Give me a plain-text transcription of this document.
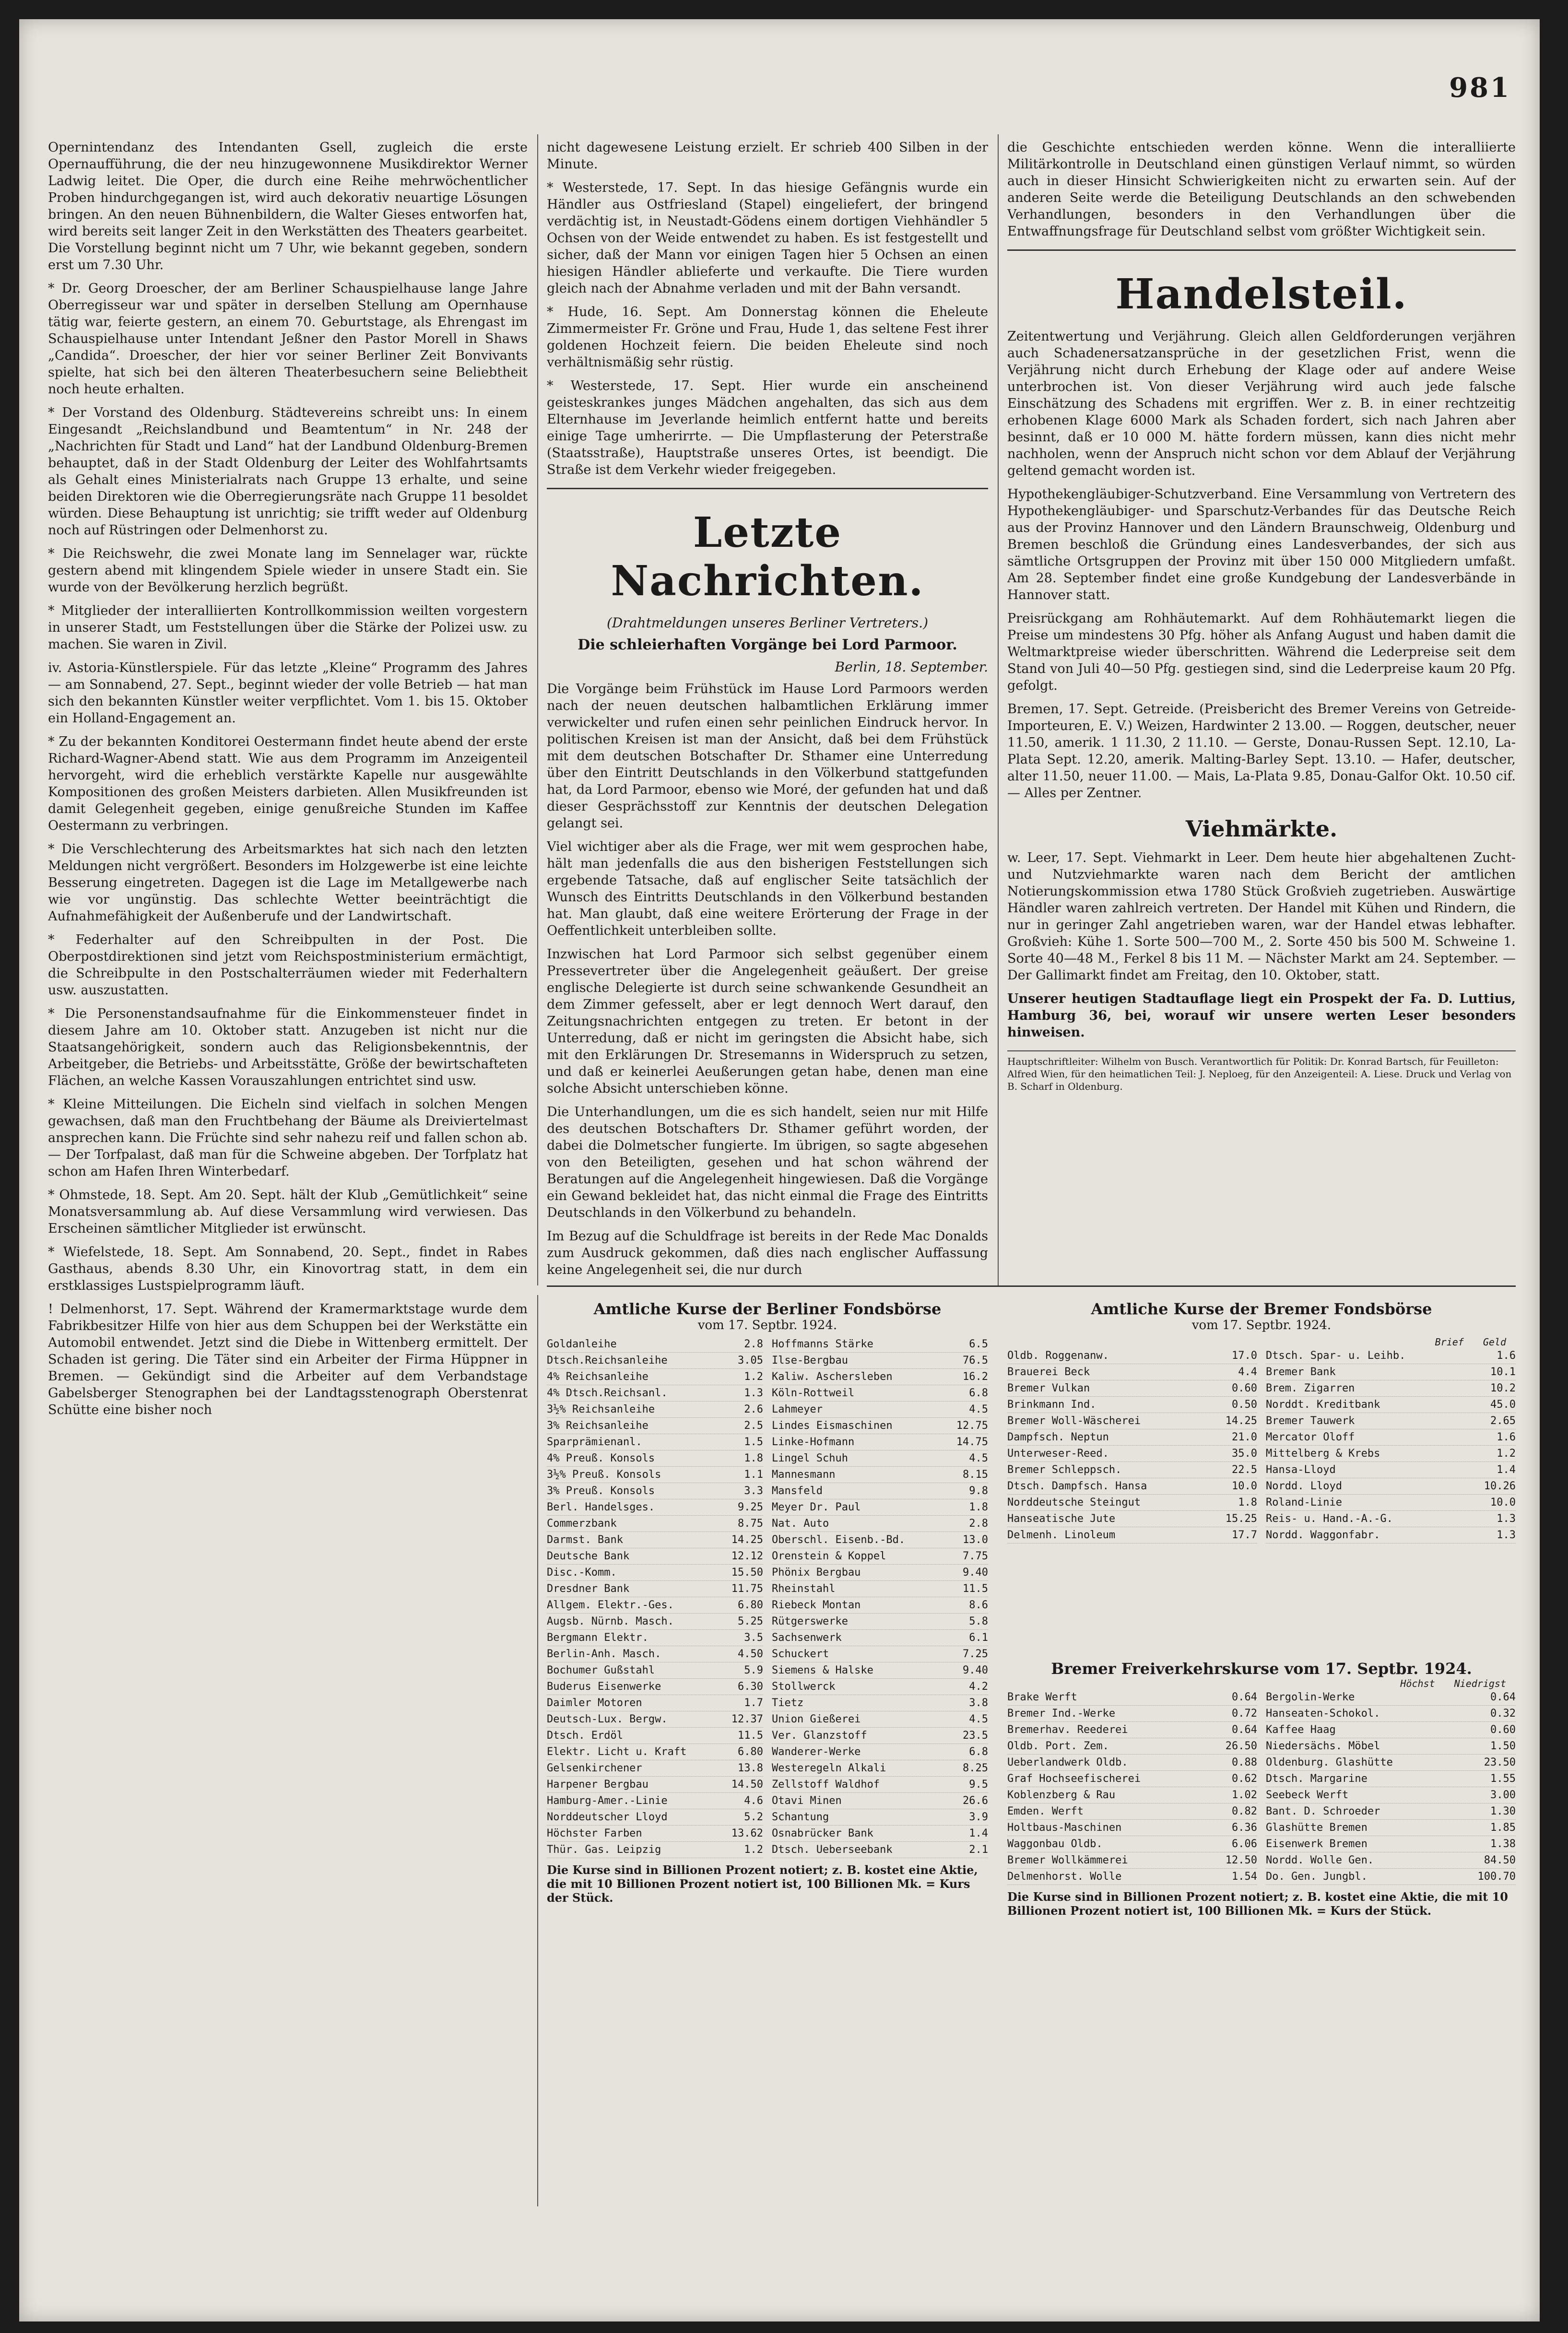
981

Opernintendanz des Intendanten Gsell, zugleich die erste Opernaufführung, die der neu hinzugewonnene Musikdirektor Werner Ladwig leitet. Die Oper, die durch eine Reihe mehrwöchentlicher Proben hindurchgegangen ist, wird auch dekorativ neuartige Lösungen bringen. An den neuen Bühnenbildern, die Walter Gieses entworfen hat, wird bereits seit langer Zeit in den Werkstätten des Theaters gearbeitet. Die Vorstellung beginnt nicht um 7 Uhr, wie bekannt gegeben, sondern erst um 7.30 Uhr.

* Dr. Georg Droescher, der am Berliner Schauspielhause lange Jahre Oberregisseur war und später in derselben Stellung am Opernhause tätig war, feierte gestern, an einem 70. Geburtstage, als Ehrengast im Schauspielhause unter Intendant Jeßner den Pastor Morell in Shaws „Candida“. Droescher, der hier vor seiner Berliner Zeit Bonvivants spielte, hat sich bei den älteren Theaterbesuchern seine Beliebtheit noch heute erhalten.

* Der Vorstand des Oldenburg. Städtevereins schreibt uns: In einem Eingesandt „Reichslandbund und Beamtentum“ in Nr. 248 der „Nachrichten für Stadt und Land“ hat der Landbund Oldenburg-Bremen behauptet, daß in der Stadt Oldenburg der Leiter des Wohlfahrtsamts als Gehalt eines Ministerialrats nach Gruppe 13 erhalte, und seine beiden Direktoren wie die Oberregierungsräte nach Gruppe 11 besoldet würden. Diese Behauptung ist unrichtig; sie trifft weder auf Oldenburg noch auf Rüstringen oder Delmenhorst zu.

* Die Reichswehr, die zwei Monate lang im Sennelager war, rückte gestern abend mit klingendem Spiele wieder in unsere Stadt ein. Sie wurde von der Bevölkerung herzlich begrüßt.

* Mitglieder der interalliierten Kontrollkommission weilten vorgestern in unserer Stadt, um Feststellungen über die Stärke der Polizei usw. zu machen. Sie waren in Zivil.

iv. Astoria-Künstlerspiele. Für das letzte „Kleine“ Programm des Jahres — am Sonnabend, 27. Sept., beginnt wieder der volle Betrieb — hat man sich den bekannten Künstler weiter verpflichtet. Vom 1. bis 15. Oktober ein Holland-Engagement an.

* Zu der bekannten Konditorei Oestermann findet heute abend der erste Richard-Wagner-Abend statt. Wie aus dem Programm im Anzeigenteil hervorgeht, wird die erheblich verstärkte Kapelle nur ausgewählte Kompositionen des großen Meisters darbieten. Allen Musikfreunden ist damit Gelegenheit gegeben, einige genußreiche Stunden im Kaffee Oestermann zu verbringen.

* Die Verschlechterung des Arbeitsmarktes hat sich nach den letzten Meldungen nicht vergrößert. Besonders im Holzgewerbe ist eine leichte Besserung eingetreten. Dagegen ist die Lage im Metallgewerbe nach wie vor ungünstig. Das schlechte Wetter beeinträchtigt die Aufnahmefähigkeit der Außenberufe und der Landwirtschaft.

* Federhalter auf den Schreibpulten in der Post. Die Oberpostdirektionen sind jetzt vom Reichspostministerium ermächtigt, die Schreibpulte in den Postschalterräumen wieder mit Federhaltern usw. auszustatten.

* Die Personenstandsaufnahme für die Einkommensteuer findet in diesem Jahre am 10. Oktober statt. Anzugeben ist nicht nur die Staatsangehörigkeit, sondern auch das Religionsbekenntnis, der Arbeitgeber, die Betriebs- und Arbeitsstätte, Größe der bewirtschafteten Flächen, an welche Kassen Vorauszahlungen entrichtet sind usw.

* Kleine Mitteilungen. Die Eicheln sind vielfach in solchen Mengen gewachsen, daß man den Fruchtbehang der Bäume als Dreiviertelmast ansprechen kann. Die Früchte sind sehr nahezu reif und fallen schon ab. — Der Torfpalast, daß man für die Schweine abgeben. Der Torfplatz hat schon am Hafen Ihren Winterbedarf.

* Ohmstede, 18. Sept. Am 20. Sept. hält der Klub „Gemütlichkeit“ seine Monatsversammlung ab. Auf diese Versammlung wird verwiesen. Das Erscheinen sämtlicher Mitglieder ist erwünscht.

* Wiefelstede, 18. Sept. Am Sonnabend, 20. Sept., findet in Rabes Gasthaus, abends 8.30 Uhr, ein Kinovortrag statt, in dem ein erstklassiges Lustspielprogramm läuft.

! Delmenhorst, 17. Sept. Während der Kramermarktstage wurde dem Fabrikbesitzer Hilfe von hier aus dem Schuppen bei der Werkstätte ein Automobil entwendet. Jetzt sind die Diebe in Wittenberg ermittelt. Der Schaden ist gering. Die Täter sind ein Arbeiter der Firma Hüppner in Bremen. — Gekündigt sind die Arbeiter auf dem Verbandstage Gabelsberger Stenographen bei der Landtagsstenograph Oberstenrat Schütte eine bisher noch

nicht dagewesene Leistung erzielt. Er schrieb 400 Silben in der Minute.

* Westerstede, 17. Sept. In das hiesige Gefängnis wurde ein Händler aus Ostfriesland (Stapel) eingeliefert, der bringend verdächtig ist, in Neustadt-Gödens einem dortigen Viehhändler 5 Ochsen von der Weide entwendet zu haben. Es ist festgestellt und sicher, daß der Mann vor einigen Tagen hier 5 Ochsen an einen hiesigen Händler ablieferte und verkaufte. Die Tiere wurden gleich nach der Abnahme verladen und mit der Bahn versandt.

* Hude, 16. Sept. Am Donnerstag können die Eheleute Zimmermeister Fr. Gröne und Frau, Hude 1, das seltene Fest ihrer goldenen Hochzeit feiern. Die beiden Eheleute sind noch verhältnismäßig sehr rüstig.

* Westerstede, 17. Sept. Hier wurde ein anscheinend geisteskrankes junges Mädchen angehalten, das sich aus dem Elternhause im Jeverlande heimlich entfernt hatte und bereits einige Tage umherirrte. — Die Umpflasterung der Peterstraße (Staatsstraße), Hauptstraße unseres Ortes, ist beendigt. Die Straße ist dem Verkehr wieder freigegeben.

Letzte Nachrichten.
(Drahtmeldungen unseres Berliner Vertreters.)
Die schleierhaften Vorgänge bei Lord Parmoor.
Berlin, 18. September.

Die Vorgänge beim Frühstück im Hause Lord Parmoors werden nach der neuen deutschen halbamtlichen Erklärung immer verwickelter und rufen einen sehr peinlichen Eindruck hervor. In politischen Kreisen ist man der Ansicht, daß bei dem Frühstück mit dem deutschen Botschafter Dr. Sthamer eine Unterredung über den Eintritt Deutschlands in den Völkerbund stattgefunden hat, da Lord Parmoor, ebenso wie Moré, der gefunden hat und daß dieser Gesprächsstoff zur Kenntnis der deutschen Delegation gelangt sei.

Viel wichtiger aber als die Frage, wer mit wem gesprochen habe, hält man jedenfalls die aus den bisherigen Feststellungen sich ergebende Tatsache, daß auf englischer Seite tatsächlich der Wunsch des Eintritts Deutschlands in den Völkerbund bestanden hat. Man glaubt, daß eine weitere Erörterung der Frage in der Oeffentlichkeit unterbleiben sollte.

Inzwischen hat Lord Parmoor sich selbst gegenüber einem Pressevertreter über die Angelegenheit geäußert. Der greise englische Delegierte ist durch seine schwankende Gesundheit an dem Zimmer gefesselt, aber er legt dennoch Wert darauf, den Zeitungsnachrichten entgegen zu treten. Er betont in der Unterredung, daß er nicht im geringsten die Absicht habe, sich mit den Erklärungen Dr. Stresemanns in Widerspruch zu setzen, und daß er keinerlei Aeußerungen getan habe, denen man eine solche Absicht unterschieben könne.

Die Unterhandlungen, um die es sich handelt, seien nur mit Hilfe des deutschen Botschafters Dr. Sthamer geführt worden, der dabei die Dolmetscher fungierte. Im übrigen, so sagte abgesehen von den Beteiligten, gesehen und hat schon während der Beratungen auf die Angelegenheit hingewiesen. Daß die Vorgänge ein Gewand bekleidet hat, das nicht einmal die Frage des Eintritts Deutschlands in den Völkerbund zu behandeln.

Im Bezug auf die Schuldfrage ist bereits in der Rede Mac Donalds zum Ausdruck gekommen, daß dies nach englischer Auffassung keine Angelegenheit sei, die nur durch

die Geschichte entschieden werden könne. Wenn die interalliierte Militärkontrolle in Deutschland einen günstigen Verlauf nimmt, so würden auch in dieser Hinsicht Schwierigkeiten nicht zu erwarten sein. Auf der anderen Seite werde die Beteiligung Deutschlands an den schwebenden Verhandlungen, besonders in den Verhandlungen über die Entwaffnungsfrage für Deutschland selbst vom größter Wichtigkeit sein.

Handelsteil.

Zeitentwertung und Verjährung. Gleich allen Geldforderungen verjähren auch Schadenersatzansprüche in der gesetzlichen Frist, wenn die Verjährung nicht durch Erhebung der Klage oder auf andere Weise unterbrochen ist. Von dieser Verjährung wird auch jede falsche Einschätzung des Schadens mit ergriffen. Wer z. B. in einer rechtzeitig erhobenen Klage 6000 Mark als Schaden fordert, sich nach Jahren aber besinnt, daß er 10 000 M. hätte fordern müssen, kann dies nicht mehr nachholen, wenn der Anspruch nicht schon vor dem Ablauf der Verjährung geltend gemacht worden ist.

Hypothekengläubiger-Schutzverband. Eine Versammlung von Vertretern des Hypothekengläubiger- und Sparschutz-Verbandes für das Deutsche Reich aus der Provinz Hannover und den Ländern Braunschweig, Oldenburg und Bremen beschloß die Gründung eines Landesverbandes, der sich aus sämtliche Ortsgruppen der Provinz mit über 150 000 Mitgliedern umfaßt. Am 28. September findet eine große Kundgebung der Landesverbände in Hannover statt.

Preisrückgang am Rohhäutemarkt. Auf dem Rohhäutemarkt liegen die Preise um mindestens 30 Pfg. höher als Anfang August und haben damit die Weltmarktpreise wieder überschritten. Während die Lederpreise seit dem Stand von Juli 40—50 Pfg. gestiegen sind, sind die Lederpreise kaum 20 Pfg. gefolgt.

Bremen, 17. Sept. Getreide. (Preisbericht des Bremer Vereins von Getreide-Importeuren, E. V.) Weizen, Hardwinter 2 13.00. — Roggen, deutscher, neuer 11.50, amerik. 1 11.30, 2 11.10. — Gerste, Donau-Russen Sept. 12.10, La-Plata Sept. 12.20, amerik. Malting-Barley Sept. 13.10. — Hafer, deutscher, alter 11.50, neuer 11.00. — Mais, La-Plata 9.85, Donau-Galfor Okt. 10.50 cif. — Alles per Zentner.

Viehmärkte.

w. Leer, 17. Sept. Viehmarkt in Leer. Dem heute hier abgehaltenen Zucht- und Nutzviehmarkte waren nach dem Bericht der amtlichen Notierungskommission etwa 1780 Stück Großvieh zugetrieben. Auswärtige Händler waren zahlreich vertreten. Der Handel mit Kühen und Rindern, die nur in geringer Zahl angetrieben waren, war der Handel etwas lebhafter. Großvieh: Kühe 1. Sorte 500—700 M., 2. Sorte 450 bis 500 M. Schweine 1. Sorte 40—48 M., Ferkel 8 bis 11 M. — Nächster Markt am 24. September. — Der Gallimarkt findet am Freitag, den 10. Oktober, statt.

Unserer heutigen Stadtauflage liegt ein Prospekt der Fa. D. Luttius, Hamburg 36, bei, worauf wir unsere werten Leser besonders hinweisen.

Hauptschriftleiter: Wilhelm von Busch. Verantwortlich für Politik: Dr. Konrad Bartsch, für Feuilleton: Alfred Wien, für den heimatlichen Teil: J. Neploeg, für den Anzeigenteil: A. Liese. Druck und Verlag von B. Scharf in Oldenburg.
Amtliche Kurse der Berliner Fondsbörse
vom 17. Septbr. 1924.
Goldanleihe	2.8
Dtsch.Reichsanleihe	3.05
4% Reichsanleihe	1.2
4% Dtsch.Reichsanl.	1.3
3½% Reichsanleihe	2.6
3% Reichsanleihe	2.5
Sparprämienanl.	1.5
4% Preuß. Konsols	1.8
3½% Preuß. Konsols	1.1
3% Preuß. Konsols	3.3
Berl. Handelsges.	9.25
Commerzbank	8.75
Darmst. Bank	14.25
Deutsche Bank	12.12
Disc.-Komm.	15.50
Dresdner Bank	11.75
Allgem. Elektr.-Ges.	6.80
Augsb. Nürnb. Masch.	5.25
Bergmann Elektr.	3.5
Berlin-Anh. Masch.	4.50
Bochumer Gußstahl	5.9
Buderus Eisenwerke	6.30
Daimler Motoren	1.7
Deutsch-Lux. Bergw.	12.37
Dtsch. Erdöl	11.5
Elektr. Licht u. Kraft	6.80
Gelsenkirchener	13.8
Harpener Bergbau	14.50
Hamburg-Amer.-Linie	4.6
Norddeutscher Lloyd	5.2
Höchster Farben	13.62
Thür. Gas. Leipzig	1.2
Hoffmanns Stärke	6.5
Ilse-Bergbau	76.5
Kaliw. Aschersleben	16.2
Köln-Rottweil	6.8
Lahmeyer	4.5
Lindes Eismaschinen	12.75
Linke-Hofmann	14.75
Lingel Schuh	4.5
Mannesmann	8.15
Mansfeld	9.8
Meyer Dr. Paul	1.8
Nat. Auto	2.8
Oberschl. Eisenb.-Bd.	13.0
Orenstein & Koppel	7.75
Phönix Bergbau	9.40
Rheinstahl	11.5
Riebeck Montan	8.6
Rütgerswerke	5.8
Sachsenwerk	6.1
Schuckert	7.25
Siemens & Halske	9.40
Stollwerck	4.2
Tietz	3.8
Union Gießerei	4.5
Ver. Glanzstoff	23.5
Wanderer-Werke	6.8
Westeregeln Alkali	8.25
Zellstoff Waldhof	9.5
Otavi Minen	26.6
Schantung	3.9
Osnabrücker Bank	1.4
Dtsch. Ueberseebank	2.1
Die Kurse sind in Billionen Prozent notiert; z. B. kostet eine Aktie, die mit 10 Billionen Prozent notiert ist, 100 Billionen Mk. = Kurs der Stück.
Amtliche Kurse der Bremer Fondsbörse
vom 17. Septbr. 1924.
Brief Geld
Oldb. Roggenanw.	17.0
Brauerei Beck	4.4
Bremer Vulkan	0.60
Brinkmann Ind.	0.50
Bremer Woll-Wäscherei	14.25
Dampfsch. Neptun	21.0
Unterweser-Reed.	35.0
Bremer Schleppsch.	22.5
Dtsch. Dampfsch. Hansa	10.0
Norddeutsche Steingut	1.8
Hanseatische Jute	15.25
Delmenh. Linoleum	17.7
Dtsch. Spar- u. Leihb.	1.6
Bremer Bank	10.1
Brem. Zigarren	10.2
Norddt. Kreditbank	45.0
Bremer Tauwerk	2.65
Mercator Oloff	1.6
Mittelberg & Krebs	1.2
Hansa-Lloyd	1.4
Nordd. Lloyd	10.26
Roland-Linie	10.0
Reis- u. Hand.-A.-G.	1.3
Nordd. Waggonfabr.	1.3
Bremer Freiverkehrskurse vom 17. Septbr. 1924.
Höchst Niedrigst
Brake Werft	0.64
Bremer Ind.-Werke	0.72
Bremerhav. Reederei	0.64
Oldb. Port. Zem.	26.50
Ueberlandwerk Oldb.	0.88
Graf Hochseefischerei	0.62
Koblenzberg & Rau	1.02
Emden. Werft	0.82
Holtbaus-Maschinen	6.36
Waggonbau Oldb.	6.06
Bremer Wollkämmerei	12.50
Delmenhorst. Wolle	1.54
Bergolin-Werke	0.64
Hanseaten-Schokol.	0.32
Kaffee Haag	0.60
Niedersächs. Möbel	1.50
Oldenburg. Glashütte	23.50
Dtsch. Margarine	1.55
Seebeck Werft	3.00
Bant. D. Schroeder	1.30
Glashütte Bremen	1.85
Eisenwerk Bremen	1.38
Nordd. Wolle Gen.	84.50
Do. Gen. Jungbl.	100.70
Die Kurse sind in Billionen Prozent notiert; z. B. kostet eine Aktie, die mit 10 Billionen Prozent notiert ist, 100 Billionen Mk. = Kurs der Stück.
